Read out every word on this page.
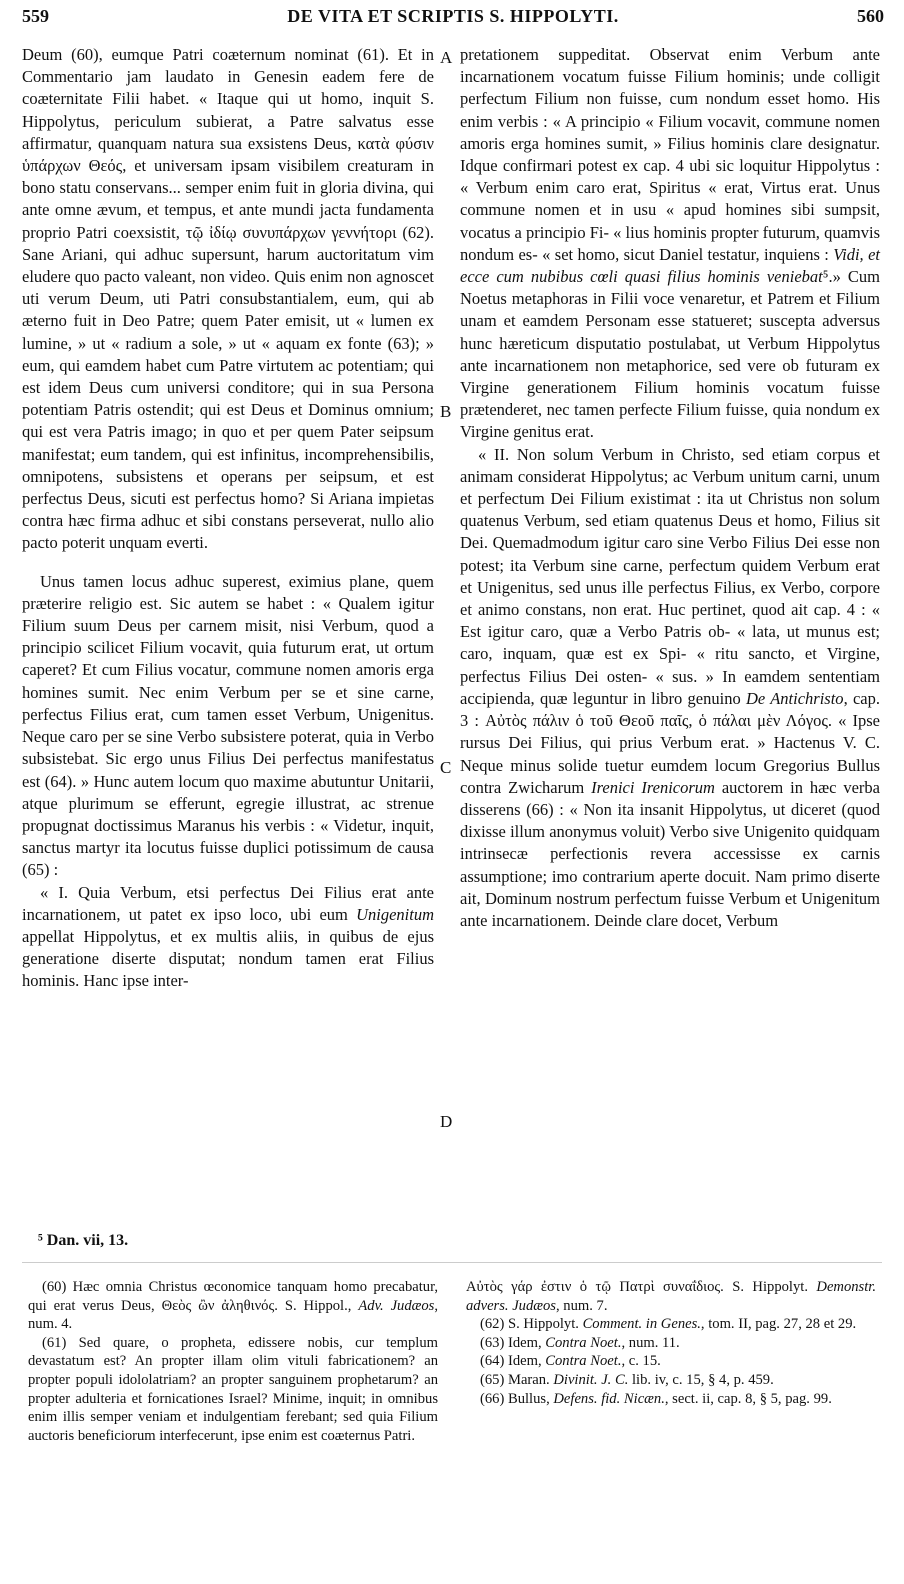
559	DE VITA ET SCRIPTIS S. HIPPOLYTI.	560

Deum (60), eumque Patri coæternum nominat (61). Et in Commentario jam laudato in Genesin eadem fere de coæternitate Filii habet. « Itaque qui ut homo, inquit S. Hippolytus, periculum subierat, a Patre salvatus esse affirmatur, quanquam natura sua exsistens Deus, κατὰ φύσιν ὑπάρχων Θεός, et universam ipsam visibilem creaturam in bono statu conservans... semper enim fuit in gloria divina, qui ante omne ævum, et tempus, et ante mundi jacta fundamenta proprio Patri coexsistit, τῷ ἰδίῳ συνυπάρχων γεννήτορι (62). Sane Ariani, qui adhuc supersunt, harum auctoritatum vim eludere quo pacto valeant, non video. Quis enim non agnoscet uti verum Deum, uti Patri consubstantialem, eum, qui ab æterno fuit in Deo Patre; quem Pater emisit, ut « lumen ex lumine, » ut « radium a sole, » ut « aquam ex fonte (63); » eum, qui eamdem habet cum Patre virtutem ac potentiam; qui est idem Deus cum universi conditore; qui in sua Persona potentiam Patris ostendit; qui est Deus et Dominus omnium; qui est vera Patris imago; in quo et per quem Pater seipsum manifestat; eum tandem, qui est infinitus, incomprehensibilis, omnipotens, subsistens et operans per seipsum, et est perfectus Deus, sicuti est perfectus homo? Si Ariana impietas contra hæc firma adhuc et sibi constans perseverat, nullo alio pacto poterit unquam everti.

Unus tamen locus adhuc superest, eximius plane, quem præterire religio est. Sic autem se habet : « Qualem igitur Filium suum Deus per carnem misit, nisi Verbum, quod a principio scilicet Filium vocavit, quia futurum erat, ut ortum caperet? Et cum Filius vocatur, commune nomen amoris erga homines sumit. Nec enim Verbum per se et sine carne, perfectus Filius erat, cum tamen esset Verbum, Unigenitus. Neque caro per se sine Verbo subsistere poterat, quia in Verbo subsistebat. Sic ergo unus Filius Dei perfectus manifestatus est (64). » Hunc autem locum quo maxime abutuntur Unitarii, atque plurimum se efferunt, egregie illustrat, ac strenue propugnat doctissimus Maranus his verbis : « Videtur, inquit, sanctus martyr ita locutus fuisse duplici potissimum de causa (65) :

« I. Quia Verbum, etsi perfectus Dei Filius erat ante incarnationem, ut patet ex ipso loco, ubi eum Unigenitum appellat Hippolytus, et ex multis aliis, in quibus de ejus generatione diserte disputat; nondum tamen erat Filius hominis. Hanc ipse inter-

A
B
C
D

pretationem suppeditat. Observat enim Verbum ante incarnationem vocatum fuisse Filium hominis; unde colligit perfectum Filium non fuisse, cum nondum esset homo. His enim verbis : « A principio « Filium vocavit, commune nomen amoris erga homines sumit, » Filius hominis clare designatur. Idque confirmari potest ex cap. 4 ubi sic loquitur Hippolytus : « Verbum enim caro erat, Spiritus « erat, Virtus erat. Unus commune nomen et in usu « apud homines sibi sumpsit, vocatus a principio Fi- « lius hominis propter futurum, quamvis nondum es- « set homo, sicut Daniel testatur, inquiens : Vidi, et ecce cum nubibus cœli quasi filius hominis veniebat⁵.» Cum Noetus metaphoras in Filii voce venaretur, et Patrem et Filium unam et eamdem Personam esse statueret; suscepta adversus hunc hæreticum disputatio postulabat, ut Verbum Hippolytus ante incarnationem non metaphorice, sed vere ob futuram ex Virgine generationem Filium hominis vocatum fuisse prætenderet, nec tamen perfecte Filium fuisse, quia nondum ex Virgine genitus erat.

« II. Non solum Verbum in Christo, sed etiam corpus et animam considerat Hippolytus; ac Verbum unitum carni, unum et perfectum Dei Filium existimat : ita ut Christus non solum quatenus Verbum, sed etiam quatenus Deus et homo, Filius sit Dei. Quemadmodum igitur caro sine Verbo Filius Dei esse non potest; ita Verbum sine carne, perfectum quidem Verbum erat et Unigenitus, sed unus ille perfectus Filius, ex Verbo, corpore et animo constans, non erat. Huc pertinet, quod ait cap. 4 : « Est igitur caro, quæ a Verbo Patris ob- « lata, ut munus est; caro, inquam, quæ est ex Spi- « ritu sancto, et Virgine, perfectus Filius Dei osten- « sus. » In eamdem sententiam accipienda, quæ leguntur in libro genuino De Antichristo, cap. 3 : Αὐτὸς πάλιν ὁ τοῦ Θεοῦ παῖς, ὁ πάλαι μὲν Λόγος. « Ipse rursus Dei Filius, qui prius Verbum erat. » Hactenus V. C. Neque minus solide tuetur eumdem locum Gregorius Bullus contra Zwicharum Irenici Irenicorum auctorem in hæc verba disserens (66) : « Non ita insanit Hippolytus, ut diceret (quod dixisse illum anonymus voluit) Verbo sive Unigenito quidquam intrinsecæ perfectionis revera accessisse ex carnis assumptione; imo contrarium aperte docuit. Nam primo diserte ait, Dominum nostrum perfectum fuisse Verbum et Unigenitum ante incarnationem. Deinde clare docet, Verbum

⁵ Dan. vii, 13.

(60) Hæc omnia Christus œconomice tanquam homo precabatur, qui erat verus Deus, Θεὸς ὢν ἀληθινός. S. Hippol., Adv. Judæos, num. 4.

(61) Sed quare, o propheta, edissere nobis, cur templum devastatum est? An propter illam olim vituli fabricationem? an propter populi idololatriam? an propter sanguinem prophetarum? an propter adulteria et fornicationes Israel? Minime, inquit; in omnibus enim illis semper veniam et indulgentiam ferebant; sed quia Filium auctoris beneficiorum interfecerunt, ipse enim est coæternus Patri.

Αὐτὸς γάρ ἐστιν ὁ τῷ Πατρὶ συναΐδιος. S. Hippolyt. Demonstr. advers. Judæos, num. 7.

(62) S. Hippolyt. Comment. in Genes., tom. II, pag. 27, 28 et 29.

(63) Idem, Contra Noet., num. 11.

(64) Idem, Contra Noet., c. 15.

(65) Maran. Divinit. J. C. lib. iv, c. 15, § 4, p. 459.

(66) Bullus, Defens. fid. Nicæn., sect. ii, cap. 8, § 5, pag. 99.
